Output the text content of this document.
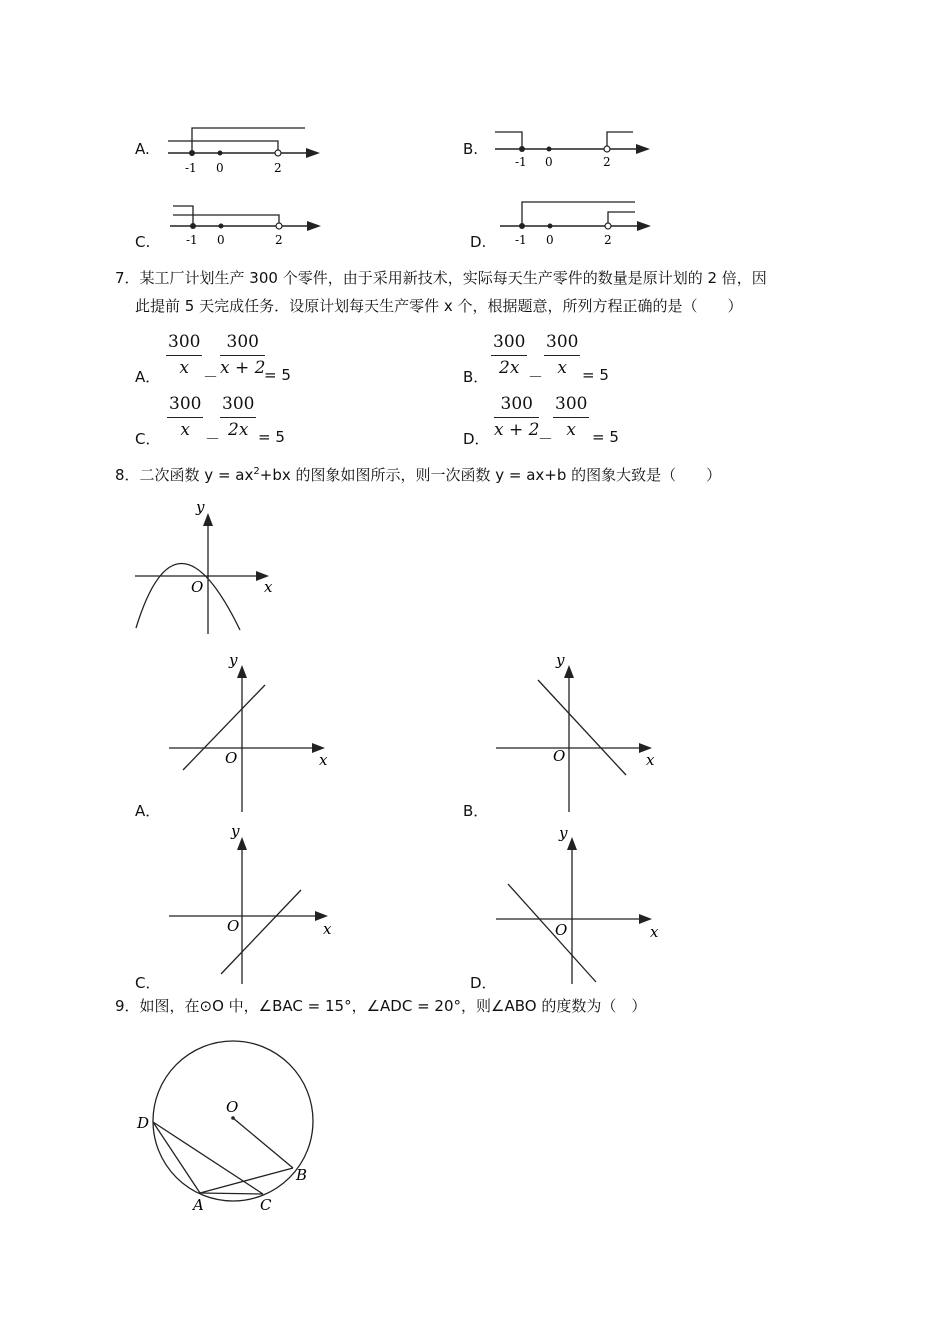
A.
-1 0	2
B.
-1 0	2
C.	-1 0	2	D. -1 0	2
7．某工厂计划生产 300 个零件，由于采用新技术，实际每天生产零件的数量是原计划的 2 倍，因
此提前 5 天完成任务．设原计划每天生产零件 x 个，根据题意，所列方程正确的是（　　）
A． $\frac{300}{x} - \frac{300}{x + 2}$
= 5	B． $\frac{300}{2x} - \frac{300}{x} = 5$
C． $\frac{300}{x} - \frac{300}{2x} = 5$	D． $\frac{300}{x + 2}$
－ $\frac{300}{x} = 5$
8．二次函数 $y = ax^2+bx$ 的图象如图所示，则一次函数 y = ax+b 的图象大致是（　　）
y
x
O
y
x
O
A．
y
x
O
B．
y
x
O
C．
y
x
O
D．
9．如图，在⊙O 中，∠BAC = 15°，∠ADC = 20°，则∠ABO 的度数为（　）
O
D
A
B
C
